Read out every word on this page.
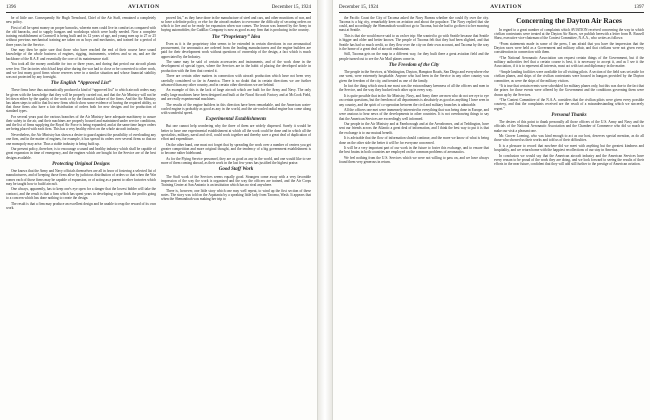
1396	AVIATION	December 15, 1924

be of little use. Consequently Sir Hugh Trenchard, Chief of the Air Staff, remained a completely new policy.

First of all he spent money on proper barracks, wherein men could live in comfort as compared with the old barracks, and to supply hangars and workshops which were badly needed. Now a complete training establishment at Cranwell is being built and its 12 years of age, and young men up to 27 or 25 without previous mechanical training are taken on as boys and mechanics, and trained for a period of three years for the Service.

One may then be quite sure that those who have reached the end of their course have sound knowledge of the whole business of engines, rigging, instruments, wireless and so on, and are the backbone of the R.A.F. and essentially the core of its maintenance staff.

You took all the money available for two or three years, and during that period our aircraft plants were few. The factories which had kept alive during the war had to close or be converted to other work, and we lost many good firms whose reserves were in a similar situation and whose financial stability was not protected by any foresight.

The English “Approved List”

These firms have thus automatically produced a kind of “approved list” to which aircraft orders may be given with the knowledge that they will be properly carried out, and that the Air Ministry will not be let down either by the quality of the work or by the financial failure of the firms. And the Air Ministry has taken steps to add to that list new firms which show some evidence of having the required ability, so that those firms also have a fair distribution of orders both for new designs and for production of standard types.

For several years past the various branches of the Air Ministry have adequate machinery to assure their safety in the air, and their machines are properly housed and maintained under service conditions, and the list of firms supplying the Royal Air Force is being expanded, and at the same time larger orders are being placed with each firm. This has a very healthy effect on the whole aircraft industry.

Nevertheless, the Air Ministry has shown a desire to guard against the possibility of overloading any one firm, and in the matter of engines, for example, it has spread its orders over several firms so that no one monopoly may arise. Thus a stable industry is being built up.

Our present policy, therefore, is to encourage a sound and healthy industry which shall be capable of great expansion in time of emergency, and the engines which are bought for the Service are of the best designs available.

Protecting Original Designs

One knows that the Army and Navy officials themselves are all in favor of fostering a selected list of manufacturers, and of keeping those firms alive by judicious distribution of orders so that when the War comes each of those firms may be capable of expansion, or of acting as a parent to other factories which may be taught how to build aircraft.

One always, apparently, has to keep one's eye open for a danger that the lowest bidder will take the contract, and the result is that a firm which has spent years in developing a type finds the profits going to a concern which has done nothing to create the design.

The result is that a firm may produce an excellent design and be unable to reap the reward of its own work.

proved list,” as they have done in the manufacture of steel and cars, and other munitions of war, and so have a definite policy, or else for the aircraft makers to overcome the difficulty of securing orders on which to live and so be ready for expansion when war comes. The lesson was learned by the Army in buying automobiles; the Cadillac Company is now as good as any firm that is producing in the country.

The “Proprietary” Idea

Even as it is the proprietary idea seems to be extended in certain directions in our aeronautical procurement, for aeronautics are ordered from the leading manufacturers and the engine builders are paid for their development work without questions of ownership of the design, a fact which is much appreciated by the Industry.

The same may be said of certain accessories and instruments, and of the work done in the development of special types, where the Services are in the habit of placing the developed article in production with the firm that created it.

There are certain other matters in connection with aircraft production which have not been very carefully considered so far in America. There is no doubt that in certain directions we are further advanced than any other country, and in certain other directions we are behind.

An example of this is the lack of large aircraft which are built for the Army and Navy. The only really large machines have been designed and built at the Naval Aircraft Factory and at McCook Field, and are really experimental machines.

The results of the engine builders in this direction have been remarkable, and the American water-cooled engine is probably as good as any in the world, and the air-cooled radial engine has come along with wonderful speed.

Experimental Establishments

But one cannot help wondering why the three of them are widely dispersed. Surely it would be better to have one experimental establishment at which all the work could be done and in which all the specialists, military, naval and civil, could work together and thereby save a great deal of duplication of effort and expenditure.

On the other hand, one must not forget that by spreading the work over a number of centers you get greater competition and more original thought, and the tendency of a big government establishment is to become rather hidebound.

As for the Flying Service personnel, they are as good as any in the world, and one would like to see more of them coming abroad, as their work in the last few years has justified the highest praise.

Good Staff Work

The Staff work of the Services seems equally good. Strangers come away with a very favorable impression of the way the work is organized and the way the officers are trained, and the Air Corps Training Center at San Antonio is an institution which has no rival anywhere.

There is, however, one little story which one may well repeat, to wind up the first section of these notes. The story was told on the Aquitania by a speaking little lady from Tacoma, Wash. It appears that when the Shenandoah was making her trip to

December 15, 1924	AVIATION	1397

the Pacific Coast the City of Tacoma asked the Navy Bureau whether she could fly over the city. Tacoma is a big city, remarkably keen on aviation and about the populace. The Navy replied that she could, and accordingly the Shenandoah would not go to Tacoma, but she had to go direct to her mooring mast at Seattle.

This is that she would move said to us on her trip: She wanted to go with Seattle because that Seattle is bigger and older and better known. The people of Tacoma felt that they had been slighted, and that Seattle has had so much credit, so they flew over the city on their own account, and Tacoma by the way is the home of a great deal of aircraft enthusiasm.

Still, Tacoma gets on the map in a different way, for they built there a great aviation field and the people turned out to see the Air Mail planes come in.

The Freedom of the City

The people in the Services, at Washington, Dayton, Hampton Roads, San Diego and everywhere else one went, were extremely hospitable. Anyone who had been in the Service in any other country was given the freedom of the city, and treated as one of the family.

In fact the thing which struck me most was the extraordinary keenness of all the officers and men in the Service, and the way they backed each other up in every way.

It is quite possible that in the Air Ministry, Navy, and Army there are men who do not see eye to eye on certain questions, but the freedom of all departments is absolutely as good as anything I have seen in any country, and the spirit of co-operation between the civil and military branches is admirable.

All the officers one met were immensely interested in everything that was being done in Europe, and were anxious to hear news of the developments in other countries. It is not overdrawing things to say that the American Services are exceedingly well informed.

Our people in the Air Ministry and at Farnborough and at the Aerodromes, and at Teddington, have sent our friends across the Atlantic a great deal of information, and I think the best way to put it is that the exchange is to our mutual benefit.

It is advisable that the flow of information should continue, and the more we know of what is being done on the other side the better it will be for everyone concerned.

It will be a very important part of our work in the future to foster this exchange, and to ensure that the best brains in both countries are employed on the common problems of aeronautics.

We feel nothing from the U.S. Services which we were not willing to pass on, and we have always found them very generous in return.

Concerning the Dayton Air Races

In regard to a great number of complaints which AVIATION received concerning the way in which civilian contestants were treated at the Dayton Air Races, we publish herewith a letter from B. Russell Shaw, executive vice-chairman of the Contest Committee, N.A.A., who writes as follows:

“From statements made in some of the press, I am afraid that you have the impression that the Dayton races were held as a Government and military affair, and that civilians were not given every consideration in connection with them.

“The National Aeronautic Association can request certain things of the Government, but if the military authorities feel that a certain course is best, it is necessary to accept it, and as I see it the Association, if it is to represent all interests, must act with tact and diplomacy in the matter.

“Ample landing facilities were available for all visiting pilots. A section of the field was set aside for civilian planes, and ships of the civilian contestants were housed in hangars provided by the Dayton committee, as were the ships of the military visitors.

“It is true that certain events were scheduled for military planes only, but this was due to the fact that the prizes for those events were offered by the Government and the conditions governing them were drawn up by the Services.

“The Contest Committee of the N.A.A. considers that the civilian pilots were given every possible courtesy, and that the complaints received are the result of a misunderstanding which we sincerely regret.”

Personal Thanks

The desires of this point to thank personally all those officers of the U.S. Army and Navy and the officials of the National Aeronautic Association and the Chamber of Commerce who did so much to make our visit a pleasant one.

Mr. Grover Loening, who was kind enough to act as our host, deserves special mention, as do all those who showed us their works and told us of their difficulties.

It is a pleasure to record that nowhere did we meet with anything but the greatest kindness and hospitality, and we return home with the happiest recollections of our stay in America.

In conclusion we would say that the American aircraft industry and the American Services have every reason to be proud of the work they are doing, and we look forward to seeing the results of their efforts in the near future, confident that they will add still further to the prestige of American aviation.
